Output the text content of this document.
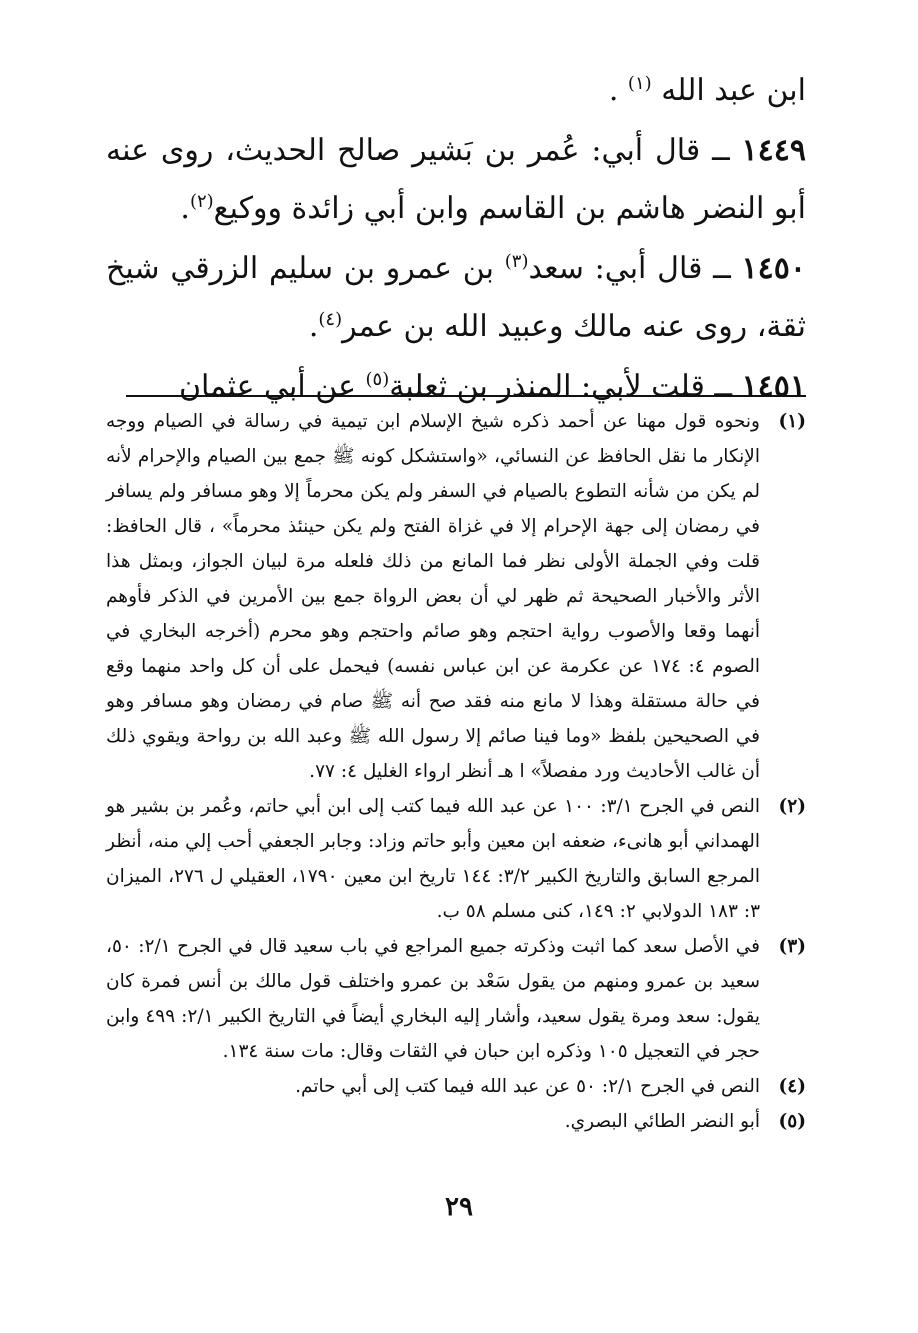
ابن عبد الله $^{(١)}$ .

١٤٤٩ ــ قال أبي: عُمر بن بَشير صالح الحديث، روى عنه أبو النضر هاشم بن القاسم وابن أبي زائدة ووكيع$^{(٢)}$.

١٤٥٠ ــ قال أبي: سعد$^{(٣)}$ بن عمرو بن سليم الزرقي شيخ ثقة، روى عنه مالك وعبيد الله بن عمر$^{(٤)}$.

١٤٥١ ــ قلت لأبي: المنذر بن ثعلبة$^{(٥)}$ عن أبي عثمان

(١)
ونحوه قول مهنا عن أحمد ذكره شيخ الإسلام ابن تيمية في رسالة في الصيام ووجه الإنكار ما نقل الحافظ عن النسائي، «واستشكل كونه ﷺ جمع بين الصيام والإحرام لأنه لم يكن من شأنه التطوع بالصيام في السفر ولم يكن محرماً إلا وهو مسافر ولم يسافر في رمضان إلى جهة الإحرام إلا في غزاة الفتح ولم يكن حينئذ محرماً» ، قال الحافظ: قلت وفي الجملة الأولى نظر فما المانع من ذلك فلعله مرة لبيان الجواز، وبمثل هذا الأثر والأخبار الصحيحة ثم ظهر لي أن بعض الرواة جمع بين الأمرين في الذكر فأوهم أنهما وقعا والأصوب رواية احتجم وهو صائم واحتجم وهو محرم (أخرجه البخاري في الصوم ٤: ١٧٤ عن عكرمة عن ابن عباس نفسه) فيحمل على أن كل واحد منهما وقع في حالة مستقلة وهذا لا مانع منه فقد صح أنه ﷺ صام في رمضان وهو مسافر وهو في الصحيحين بلفظ «وما فينا صائم إلا رسول الله ﷺ وعبد الله بن رواحة ويقوي ذلك أن غالب الأحاديث ورد مفصلاً» ا هـ أنظر ارواء الغليل ٤: ٧٧.
(٢)
النص في الجرح ٣/١: ١٠٠ عن عبد الله فيما كتب إلى ابن أبي حاتم، وعُمر بن بشير هو الهمداني أبو هانىء، ضعفه ابن معين وأبو حاتم وزاد: وجابر الجعفي أحب إلي منه، أنظر المرجع السابق والتاريخ الكبير ٣/٢: ١٤٤ تاريخ ابن معين ١٧٩٠، العقيلي ل ٢٧٦، الميزان ٣: ١٨٣ الدولابي ٢: ١٤٩، كنى مسلم ٥٨ ب.
(٣)
في الأصل سعد كما اثبت وذكرته جميع المراجع في باب سعيد قال في الجرح ٢/١: ٥٠، سعيد بن عمرو ومنهم من يقول سَعْد بن عمرو واختلف قول مالك بن أنس فمرة كان يقول: سعد ومرة يقول سعيد، وأشار إليه البخاري أيضاً في التاريخ الكبير ٢/١: ٤٩٩ وابن حجر في التعجيل ١٠٥ وذكره ابن حبان في الثقات وقال: مات سنة ١٣٤.
(٤)
النص في الجرح ٢/١: ٥٠ عن عبد الله فيما كتب إلى أبي حاتم.
(٥)
أبو النضر الطائي البصري.
٢٩
